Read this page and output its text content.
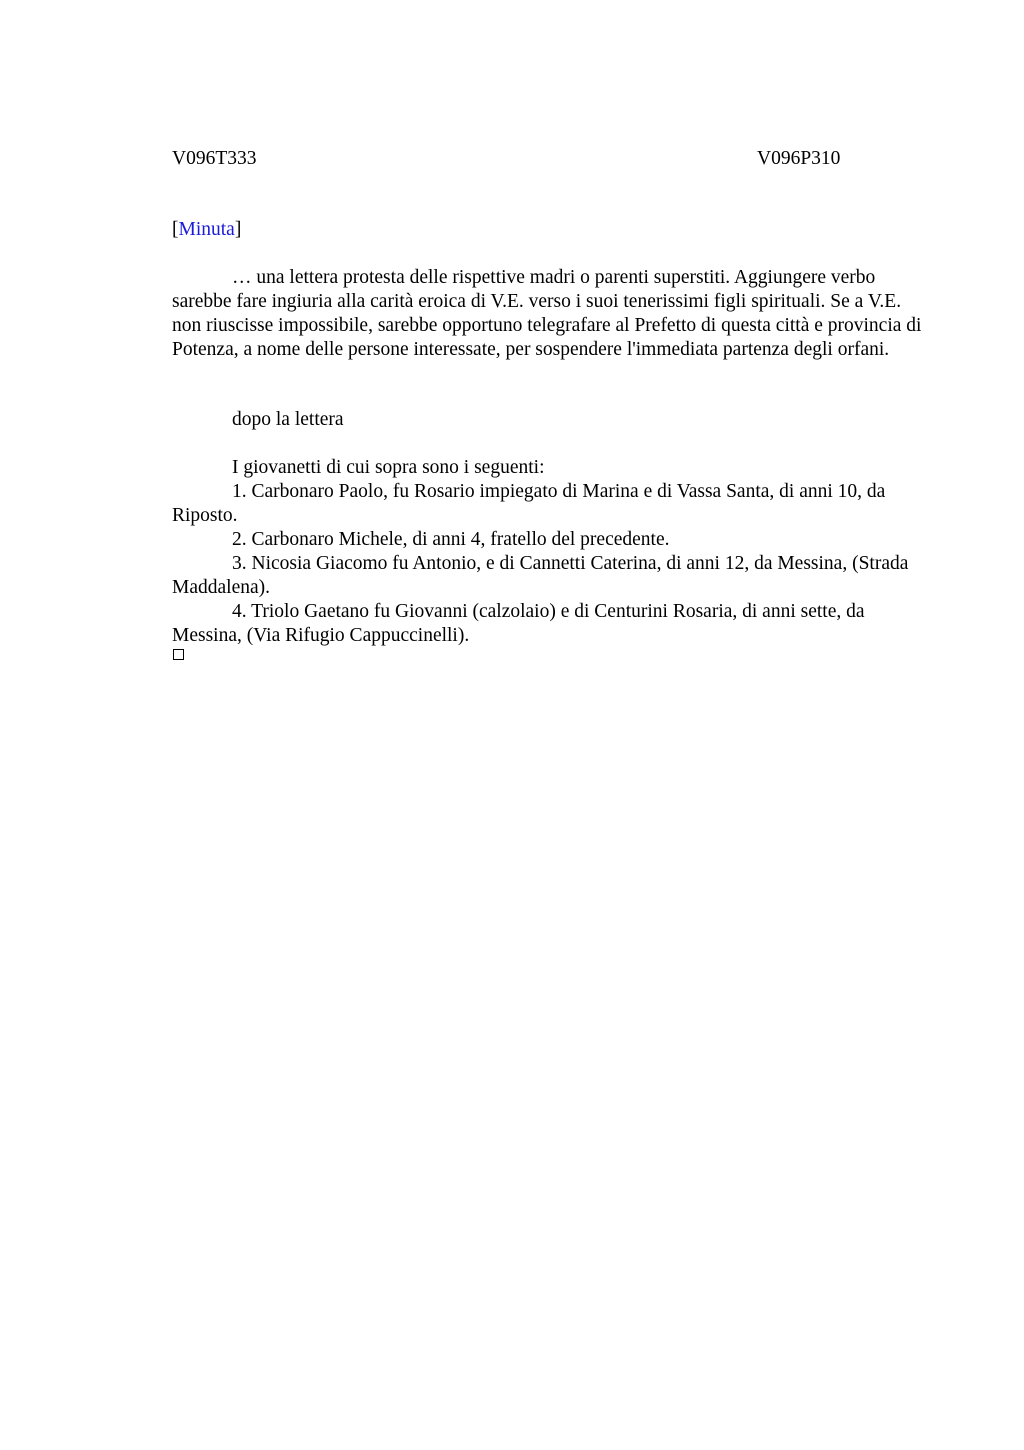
V096T333	V096P310
[Minuta]

… una lettera protesta delle rispettive madri o parenti superstiti. Aggiungere verbo sarebbe fare ingiuria alla carità eroica di V.E. verso i suoi tenerissimi figli spirituali. Se a V.E. non riuscisse impossibile, sarebbe opportuno telegrafare al Prefetto di questa città e provincia di Potenza, a nome delle persone interessate, per sospendere l'immediata partenza degli orfani.

dopo la lettera

I giovanetti di cui sopra sono i seguenti:

1. Carbonaro Paolo, fu Rosario impiegato di Marina e di Vassa Santa, di anni 10, da Riposto.

2. Carbonaro Michele, di anni 4, fratello del precedente.

3. Nicosia Giacomo fu Antonio, e di Cannetti Caterina, di anni 12, da Messina, (Strada Maddalena).

4. Triolo Gaetano fu Giovanni (calzolaio) e di Centurini Rosaria, di anni sette, da Messina, (Via Rifugio Cappuccinelli).
